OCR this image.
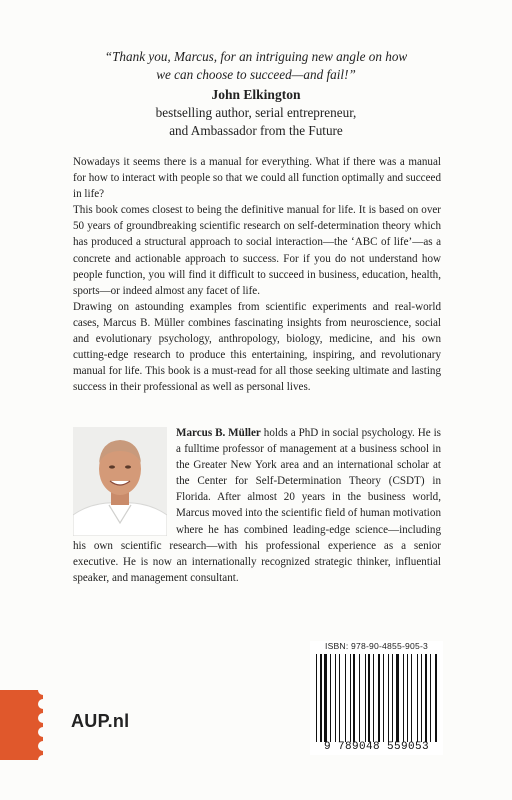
“Thank you, Marcus, for an intriguing new angle on how
we can choose to succeed—and fail!”
John Elkington
bestselling author, serial entrepreneur,
and Ambassador from the Future

Nowadays it seems there is a manual for everything. What if there was a manual for how to interact with people so that we could all function optimally and succeed in life?

This book comes closest to being the definitive manual for life. It is based on over 50 years of groundbreaking scientific research on self-determination theory which has produced a structural approach to social interaction—the ‘ABC of life’—as a concrete and actionable approach to success. For if you do not understand how people function, you will find it difficult to succeed in business, education, health, sports—or indeed almost any facet of life.

Drawing on astounding examples from scientific experiments and real-world cases, Marcus B. Müller combines fascinating insights from neuroscience, social and evolutionary psychology, anthropology, biology, medicine, and his own cutting-edge research to produce this entertaining, inspiring, and revolutionary manual for life. This book is a must-read for all those seeking ultimate and lasting success in their professional as well as personal lives.

Marcus B. Müller holds a PhD in social psychology. He is a fulltime professor of management at a business school in the Greater New York area and an international scholar at the Center for Self-Determination Theory (CSDT) in Florida. After almost 20 years in the business world, Marcus moved into the scientific field of human motivation where he has combined leading-edge science—including his own scientific research—with his professional experience as a senior executive. He is now an internationally recognized strategic thinker, influential speaker, and management consultant.
ISBN: 978-90-4855-905-3
9 789048 559053
AUP.nl
